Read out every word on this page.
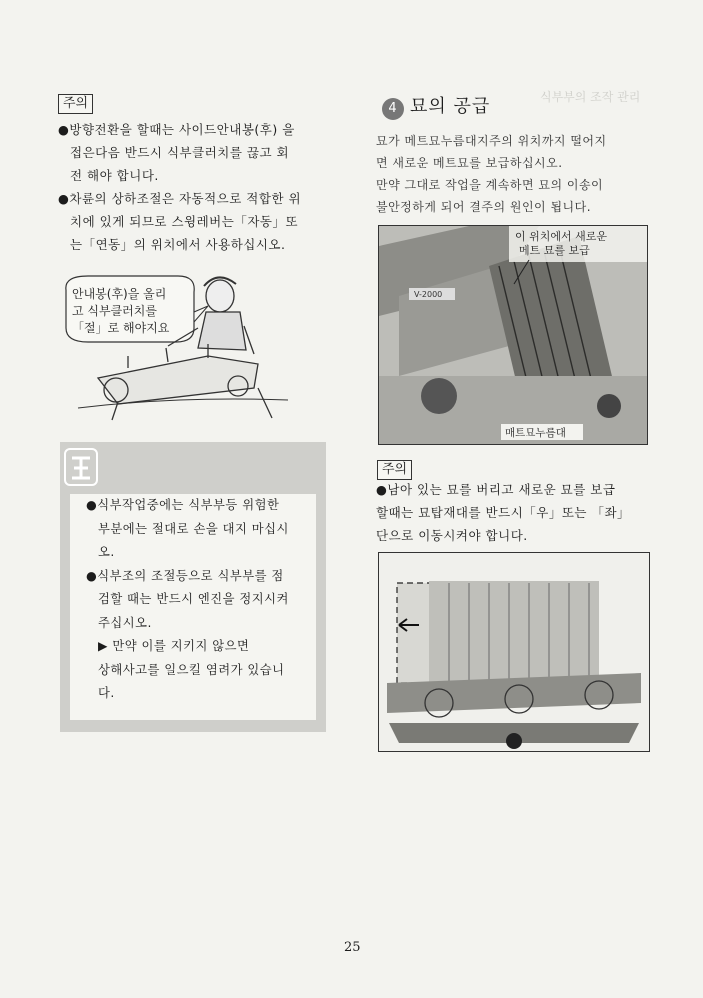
주의

●방향전환을 할때는 사이드안내봉(후) 을

접은다음 반드시 식부클러치를 끊고 회

전 해야 합니다.

●차륜의 상하조절은 자동적으로 적합한 위

치에 있게 되므로 스윙레버는「자동」또

는「연동」의 위치에서 사용하십시오.

안내봉(후)을 올리
고 식부클러치를
「절」로 해야지요

●식부작업중에는 식부부등 위험한

부분에는 절대로 손을 대지 마십시

오.

●식부조의 조절등으로 식부부를 점

검할 때는 반드시 엔진을 정지시켜

주십시오.

▶ 만약 이를 지키지 않으면

상해사고를 일으킬 염려가 있습니

다.

식부부의 조작 관리
4 묘의 공급

묘가 메트묘누름대지주의 위치까지 떨어지

면 새로운 메트묘를 보급하십시오.

만약 그대로 작업을 계속하면 묘의 이송이

불안정하게 되어 결주의 원인이 됩니다.

V-2000
이 위치에서 새로운
메트 묘를 보급
매트묘누름대
주의

●남아 있는 묘를 버리고 새로운 묘를 보급

할때는 묘탑재대를 반드시「우」또는 「좌」

단으로 이동시켜야 합니다.

25
